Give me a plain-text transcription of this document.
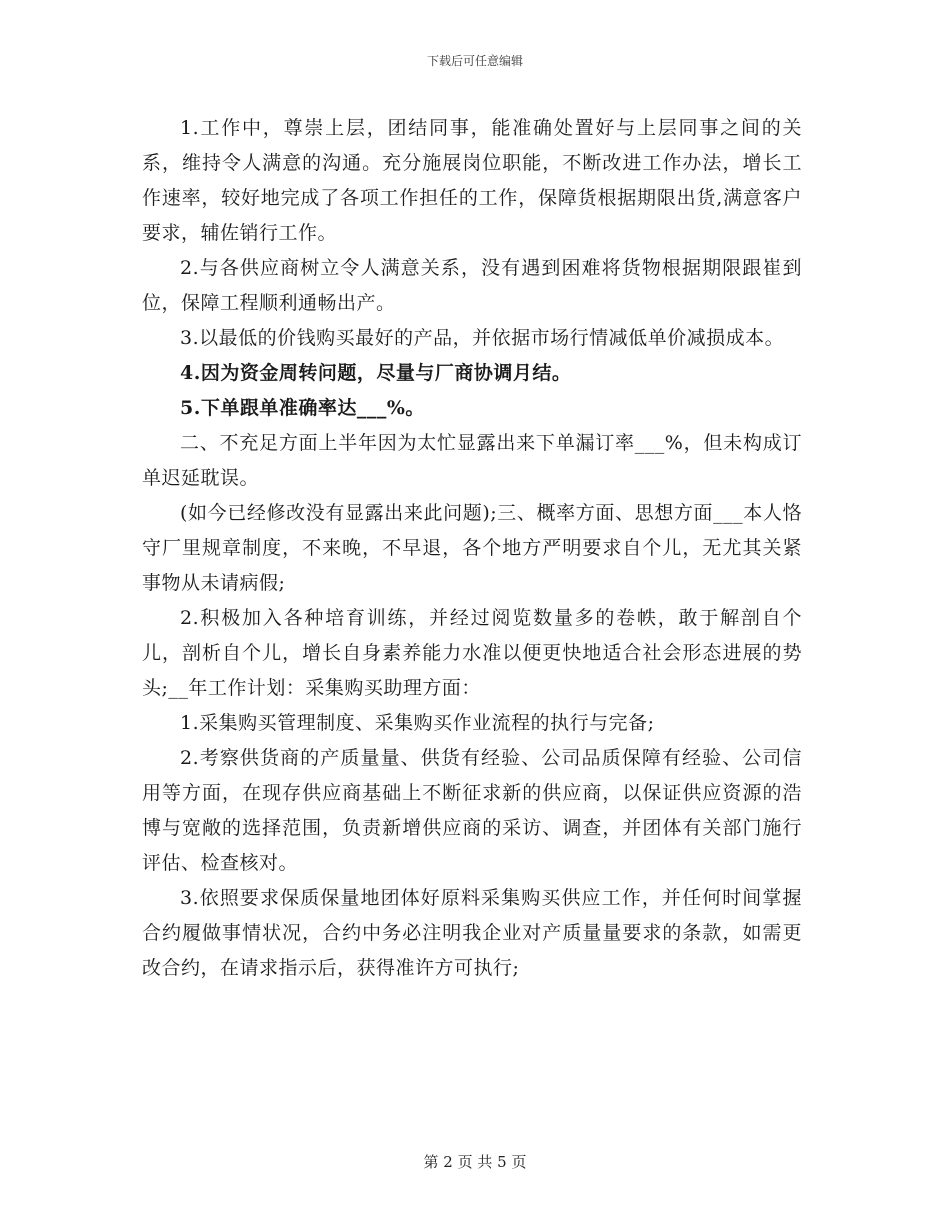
下载后可任意编辑

1.工作中，尊崇上层，团结同事，能准确处置好与上层同事之间的关系，维持令人满意的沟通。充分施展岗位职能，不断改进工作办法，增长工作速率，较好地完成了各项工作担任的工作，保障货根据期限出货,满意客户要求，辅佐销行工作。

2.与各供应商树立令人满意关系，没有遇到困难将货物根据期限跟崔到位，保障工程顺利通畅出产。

3.以最低的价钱购买最好的产品，并依据市场行情减低单价减损成本。

4.因为资金周转问题，尽量与厂商协调月结。

5.下单跟单准确率达___%。

二、不充足方面上半年因为太忙显露出来下单漏订率___%，但未构成订单迟延耽误。

(如今已经修改没有显露出来此问题);三、概率方面、思想方面___本人恪守厂里规章制度，不来晚，不早退，各个地方严明要求自个儿，无尤其关紧事物从未请病假;

2.积极加入各种培育训练，并经过阅览数量多的卷帙，敢于解剖自个儿，剖析自个儿，增长自身素养能力水准以便更快地适合社会形态进展的势头;__年工作计划：采集购买助理方面：

1.采集购买管理制度、采集购买作业流程的执行与完备;

2.考察供货商的产质量量、供货有经验、公司品质保障有经验、公司信用等方面，在现存供应商基础上不断征求新的供应商，以保证供应资源的浩博与宽敞的选择范围，负责新增供应商的采访、调查，并团体有关部门施行评估、检查核对。

3.依照要求保质保量地团体好原料采集购买供应工作，并任何时间掌握合约履做事情状况，合约中务必注明我企业对产质量量要求的条款，如需更改合约，在请求指示后，获得准许方可执行;

第 2 页 共 5 页
